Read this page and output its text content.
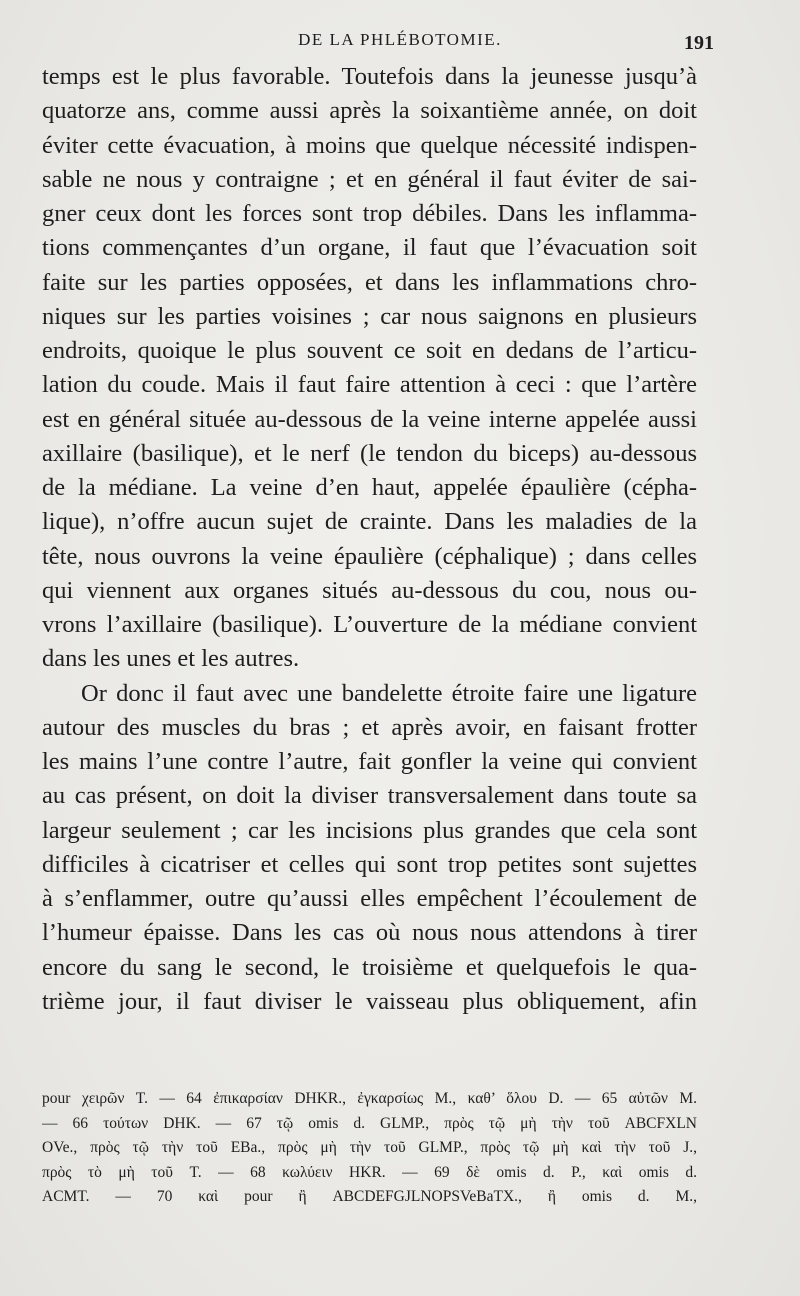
DE LA PHLÉBOTOMIE.	191
temps est le plus favorable. Toutefois dans la jeunesse jusqu’à
quatorze ans, comme aussi après la soixantième année, on doit
éviter cette évacuation, à moins que quelque nécessité indispen-
sable ne nous y contraigne ; et en général il faut éviter de sai-
gner ceux dont les forces sont trop débiles. Dans les inflamma-
tions commençantes d’un organe, il faut que l’évacuation soit
faite sur les parties opposées, et dans les inflammations chro-
niques sur les parties voisines ; car nous saignons en plusieurs
endroits, quoique le plus souvent ce soit en dedans de l’articu-
lation du coude. Mais il faut faire attention à ceci : que l’artère
est en général située au-dessous de la veine interne appelée aussi
axillaire (basilique), et le nerf (le tendon du biceps) au-dessous
de la médiane. La veine d’en haut, appelée épaulière (cépha-
lique), n’offre aucun sujet de crainte. Dans les maladies de la
tête, nous ouvrons la veine épaulière (céphalique) ; dans celles
qui viennent aux organes situés au-dessous du cou, nous ou-
vrons l’axillaire (basilique). L’ouverture de la médiane convient
dans les unes et les autres.
Or donc il faut avec une bandelette étroite faire une ligature
autour des muscles du bras ; et après avoir, en faisant frotter
les mains l’une contre l’autre, fait gonfler la veine qui convient
au cas présent, on doit la diviser transversalement dans toute sa
largeur seulement ; car les incisions plus grandes que cela sont
difficiles à cicatriser et celles qui sont trop petites sont sujettes
à s’enflammer, outre qu’aussi elles empêchent l’écoulement de
l’humeur épaisse. Dans les cas où nous nous attendons à tirer
encore du sang le second, le troisième et quelquefois le qua-
trième jour, il faut diviser le vaisseau plus obliquement, afin
pour χειρῶν T. — 64 ἐπικαρσίαν DHKR., ἐγκαρσίως M., καθ’ ὅλου D. — 65 αὐτῶν M.
— 66 τούτων DHK. — 67 τῷ omis d. GLMP., πρὸς τῷ μὴ τὴν τοῦ ABCFXLN
OVe., πρὸς τῷ τὴν τοῦ EBa., πρὸς μὴ τὴν τοῦ GLMP., πρὸς τῷ μὴ καὶ τὴν τοῦ J.,
πρὸς τὸ μὴ τοῦ T. — 68 κωλύειν HKR. — 69 δὲ omis d. P., καὶ omis d.
ACMT. — 70 καὶ pour ἢ ABCDEFGJLNOPSVeBaTX., ἢ omis d. M.,
